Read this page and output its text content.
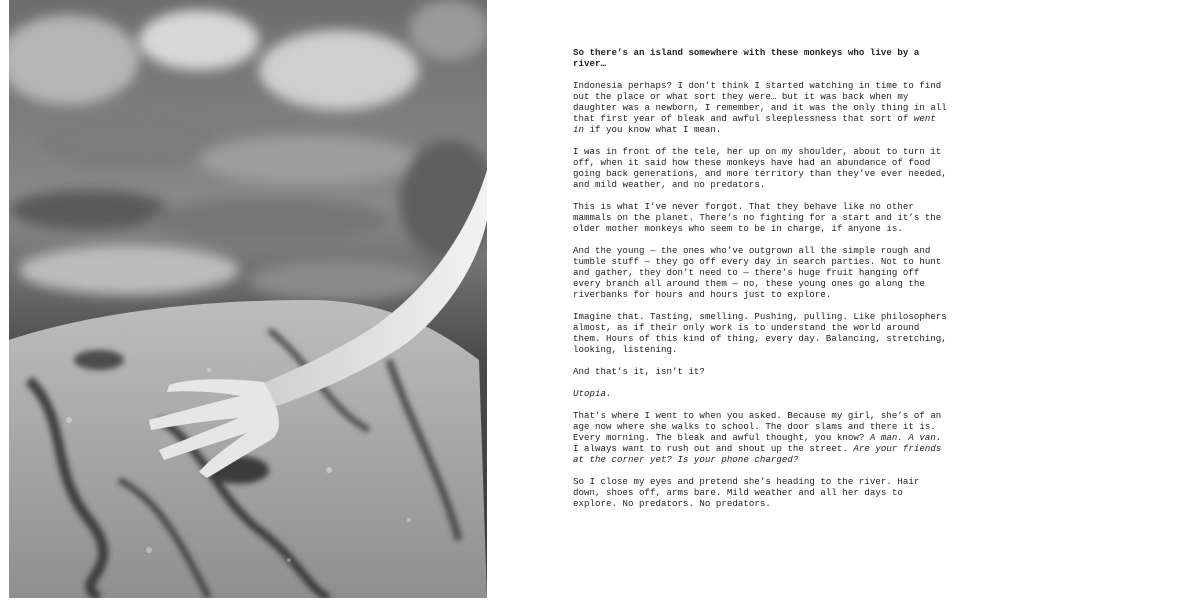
So there’s an island somewhere with these monkeys who live by a river…

Indonesia perhaps? I don’t think I started watching in time to find out the place or what sort they were… but it was back when my daughter was a newborn, I remember, and it was the only thing in all that first year of bleak and awful sleeplessness that sort of went in if you know what I mean.

I was in front of the tele, her up on my shoulder, about to turn it off, when it said how these monkeys have had an abundance of food going back generations, and more territory than they’ve ever needed, and mild weather, and no predators.

This is what I’ve never forgot. That they behave like no other mammals on the planet. There’s no fighting for a start and it’s the older mother monkeys who seem to be in charge, if anyone is.

And the young — the ones who’ve outgrown all the simple rough and tumble stuff — they go off every day in search parties. Not to hunt and gather, they don’t need to — there’s huge fruit hanging off every branch all around them — no, these young ones go along the riverbanks for hours and hours just to explore.

Imagine that. Tasting, smelling. Pushing, pulling. Like philosophers almost, as if their only work is to understand the world around them. Hours of this kind of thing, every day. Balancing, stretching, looking, listening.

And that’s it, isn’t it?

Utopia.

That’s where I went to when you asked. Because my girl, she’s of an age now where she walks to school. The door slams and there it is. Every morning. The bleak and awful thought, you know? A man. A van. I always want to rush out and shout up the street. Are your friends at the corner yet? Is your phone charged?

So I close my eyes and pretend she’s heading to the river. Hair down, shoes off, arms bare. Mild weather and all her days to explore. No predators. No predators.
